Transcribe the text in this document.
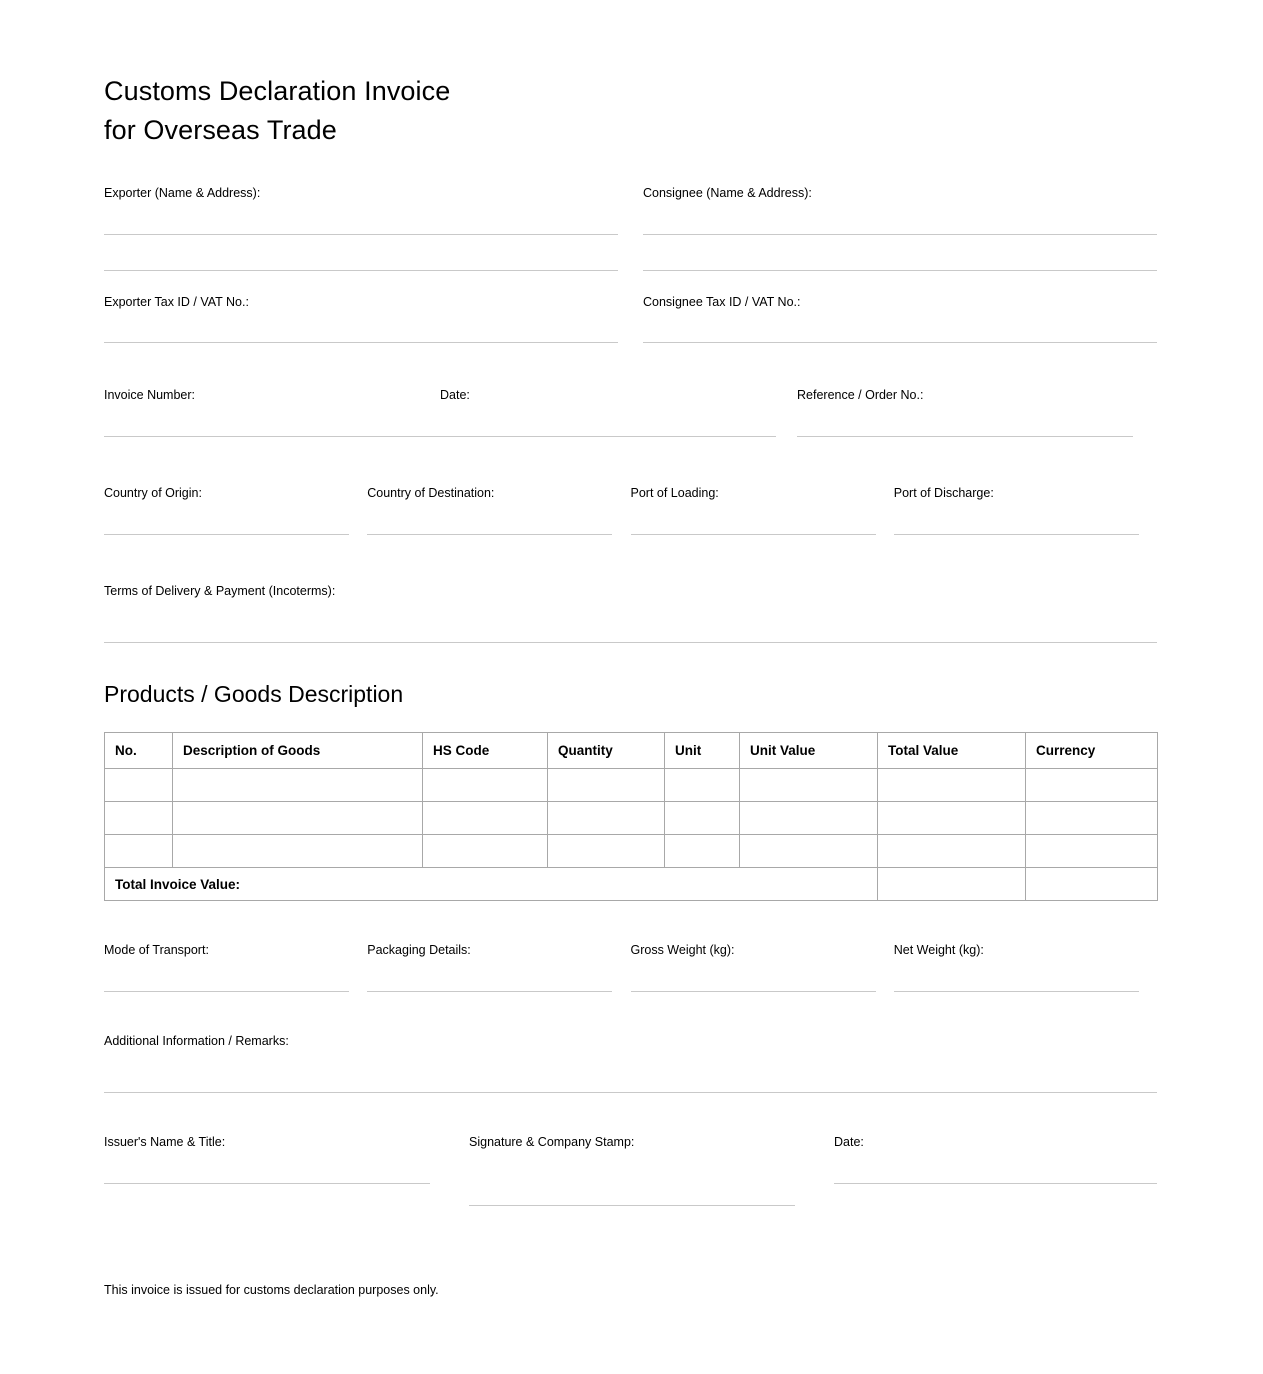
Customs Declaration Invoice
for Overseas Trade
Exporter (Name & Address):	Consignee (Name & Address):
Exporter Tax ID / VAT No.:	Consignee Tax ID / VAT No.:
Invoice Number:	Date:	Reference / Order No.:
Country of Origin:	Country of Destination:	Port of Loading:	Port of Discharge:
Terms of Delivery & Payment (Incoterms):
Products / Goods Description
No.	Description of Goods	HS Code	Quantity	Unit	Unit Value	Total Value	Currency

Total Invoice Value:							
Mode of Transport:	Packaging Details:	Gross Weight (kg):	Net Weight (kg):
Additional Information / Remarks:
Issuer's Name & Title:	Signature & Company Stamp:	Date:
This invoice is issued for customs declaration purposes only.
